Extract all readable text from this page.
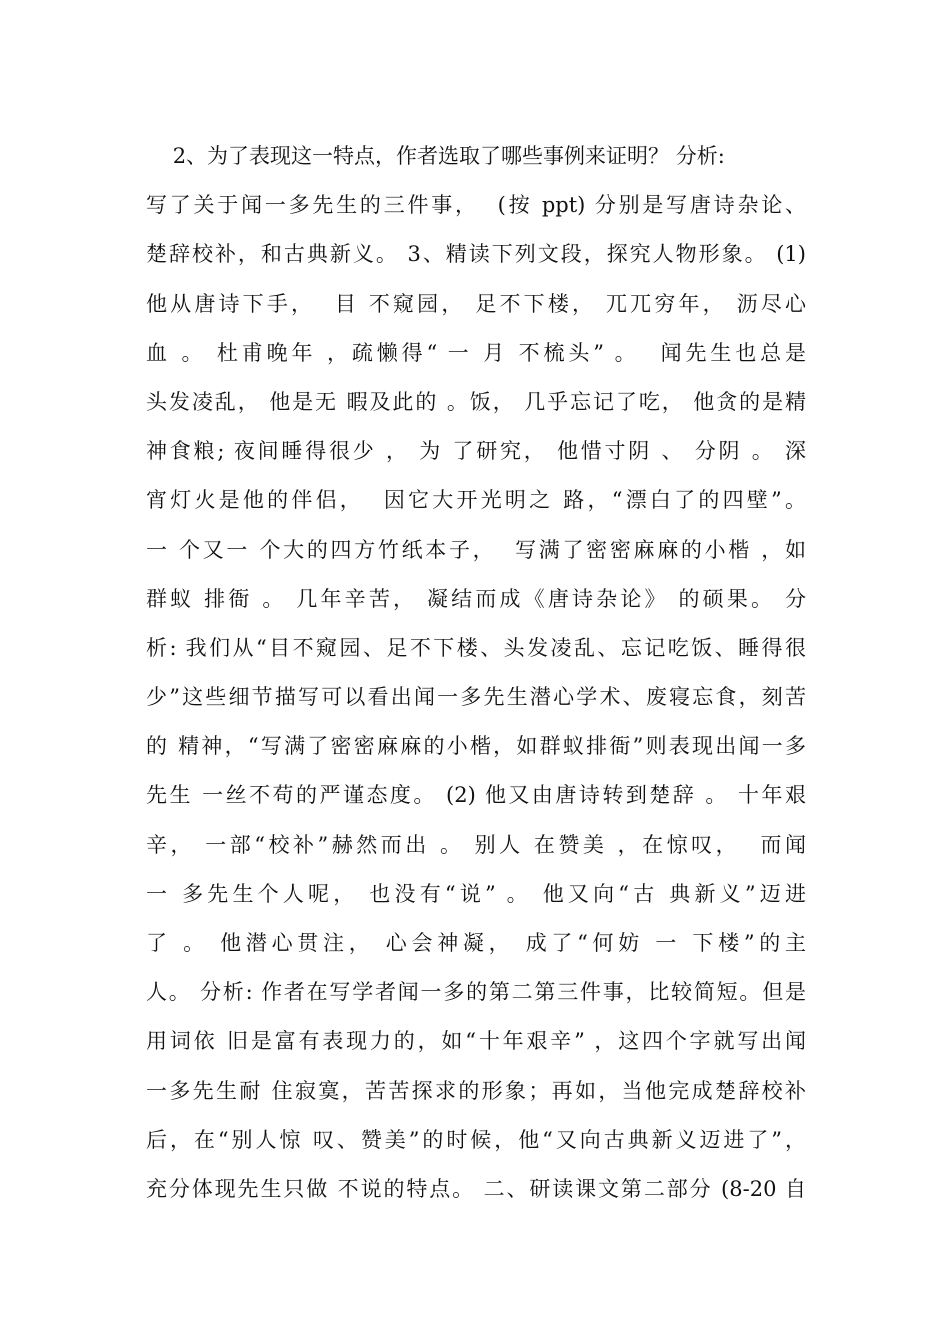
2、为了表现这一特点，作者选取了哪些事例来证明？ 分析:
写了关于闻一多先生的三件事，  (按 ppt) 分别是写唐诗杂论、
楚辞校补，和古典新义。 3、精读下列文段，探究人物形象。 (1)
他从唐诗下手，  目 不窥园， 足不下楼， 兀兀穷年， 沥尽心
血 。 杜甫晚年 ，疏懒得“ 一 月 不梳头” 。  闻先生也总是
头发凌乱， 他是无 暇及此的 。饭， 几乎忘记了吃， 他贪的是精
神食粮; 夜间睡得很少 ， 为 了研究， 他惜寸阴 、 分阴 。 深
宵灯火是他的伴侣，  因它大开光明之 路，“漂白了的四壁”。
一 个又一 个大的四方竹纸本子，  写满了密密麻麻的小楷 ，如
群蚁 排衙 。 几年辛苦， 凝结而成《唐诗杂论》 的硕果。 分
析: 我们从“目不窥园、足不下楼、头发凌乱、忘记吃饭、睡得很
少”这些细节描写可以看出闻一多先生潜心学术、废寝忘食，刻苦
的 精神，“写满了密密麻麻的小楷，如群蚁排衙”则表现出闻一多
先生 一丝不苟的严谨态度。 (2) 他又由唐诗转到楚辞 。 十年艰
辛， 一部“校补”赫然而出 。 别人 在赞美 ，在惊叹，  而闻
一 多先生个人呢， 也没有“说” 。 他又向“古 典新义”迈进
了 。 他潜心贯注， 心会神凝， 成了“何妨 一 下楼”的主
人。 分析: 作者在写学者闻一多的第二第三件事，比较简短。但是
用词依 旧是富有表现力的，如“十年艰辛” ，这四个字就写出闻
一多先生耐 住寂寞，苦苦探求的形象；再如，当他完成楚辞校补
后，在“别人惊 叹、赞美”的时候，他“又向古典新义迈进了”，
充分体现先生只做 不说的特点。 二、研读课文第二部分 (8-20 自
